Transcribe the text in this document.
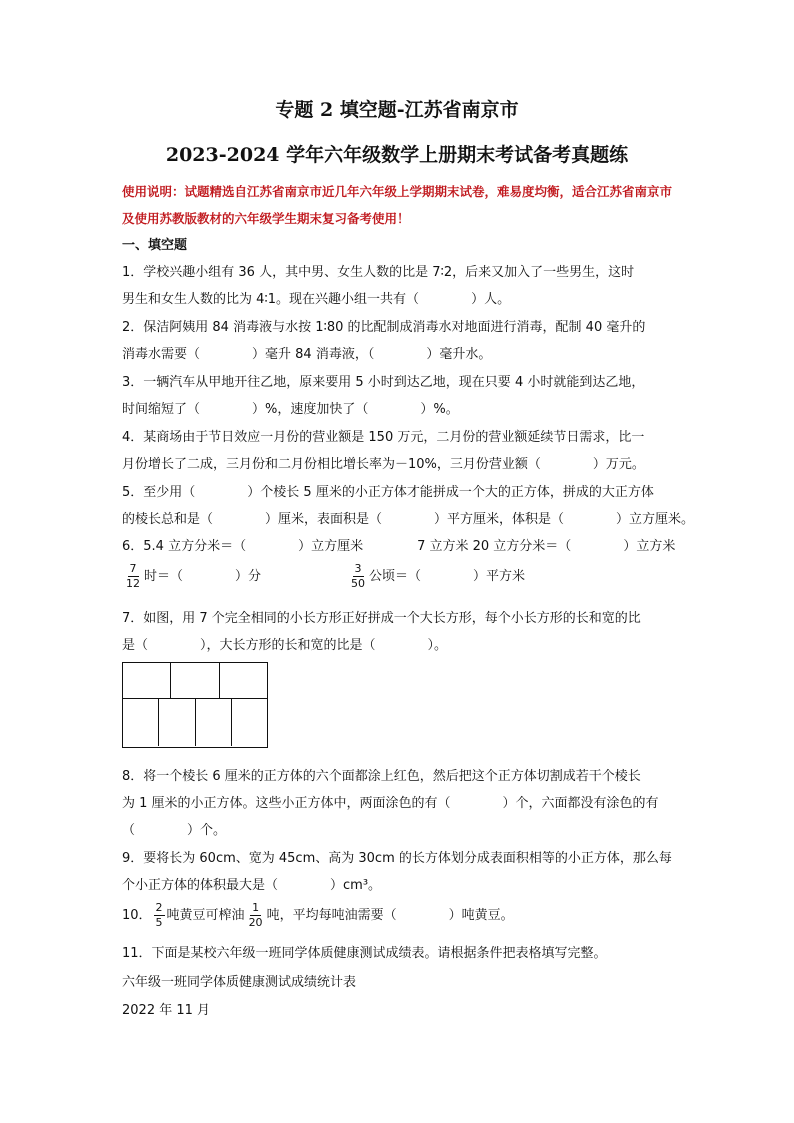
专题 2 填空题-江苏省南京市
2023-2024 学年六年级数学上册期末考试备考真题练
使用说明：试题精选自江苏省南京市近几年六年级上学期期末试卷，难易度均衡，适合江苏省南京市及使用苏教版教材的六年级学生期末复习备考使用！
一、填空题
1．学校兴趣小组有 36 人，其中男、女生人数的比是 7∶2，后来又加入了一些男生，这时
男生和女生人数的比为 4∶1。现在兴趣小组一共有（	）人。
2．保洁阿姨用 84 消毒液与水按 1∶80 的比配制成消毒水对地面进行消毒，配制 40 毫升的
消毒水需要（	）毫升 84 消毒液，（	）毫升水。
3．一辆汽车从甲地开往乙地，原来要用 5 小时到达乙地，现在只要 4 小时就能到达乙地，
时间缩短了（	）%，速度加快了（	）%。
4．某商场由于节日效应一月份的营业额是 150 万元，二月份的营业额延续节日需求，比一
月份增长了二成，三月份和二月份相比增长率为－10%，三月份营业额（	）万元。
5．至少用（	）个棱长 5 厘米的小正方体才能拼成一个大的正方体，拼成的大正方体
的棱长总和是（	）厘米，表面积是（	）平方厘米，体积是（	）立方厘米。
6．5.4 立方分米＝（	）立方厘米	7 立方米 20 立方分米＝（	）立方米
$\frac{7}{12}$ 时＝（	）分	$\frac{3}{50}$ 公顷＝（	）平方米
7．如图，用 7 个完全相同的小长方形正好拼成一个大长方形，每个小长方形的长和宽的比
是（	），大长方形的长和宽的比是（	）。
8．将一个棱长 6 厘米的正方体的六个面都涂上红色，然后把这个正方体切割成若干个棱长
为 1 厘米的小正方体。这些小正方体中，两面涂色的有（	）个，六面都没有涂色的有
（	）个。
9．要将长为 60cm、宽为 45cm、高为 30cm 的长方体划分成表面积相等的小正方体，那么每
个小正方体的体积最大是（	）cm³。
10． $\frac{2}{5}$ 吨黄豆可榨油 $\frac{1}{20}$ 吨，平均每吨油需要（	）吨黄豆。
11．下面是某校六年级一班同学体质健康测试成绩表。请根据条件把表格填写完整。
六年级一班同学体质健康测试成绩统计表
2022 年 11 月
